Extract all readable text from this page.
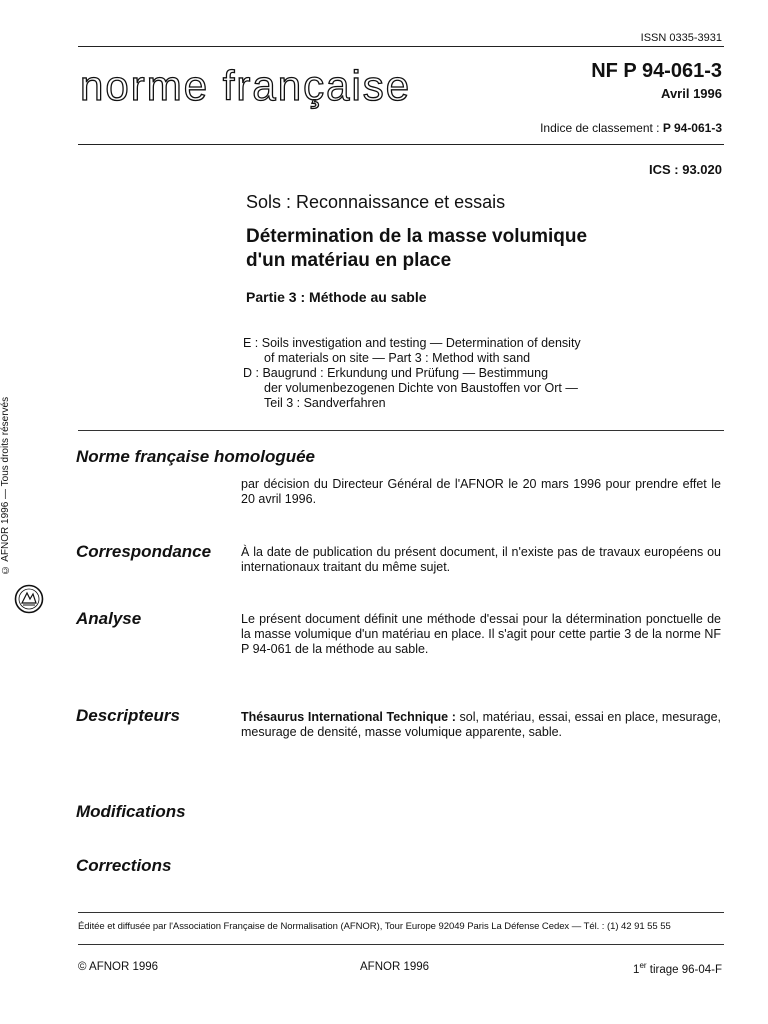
ISSN 0335-3931
norme française	NF P 94-061-3
Avril 1996
Indice de classement : P 94-061-3
ICS : 93.020
Sols : Reconnaissance et essais
Détermination de la masse volumique
d'un matériau en place
Partie 3 : Méthode au sable
E : Soils investigation and testing — Determination of density
of materials on site — Part 3 : Method with sand
D : Baugrund : Erkundung und Prüfung — Bestimmung
der volumenbezogenen Dichte von Baustoffen vor Ort —
Teil 3 : Sandverfahren
Norme française homologuée
par décision du Directeur Général de l'AFNOR le 20 mars 1996 pour prendre effet le 20 avril 1996.
Correspondance À la date de publication du présent document, il n'existe pas de travaux européens ou internationaux traitant du même sujet.
Analyse	Le présent document définit une méthode d'essai pour la détermination ponctuelle de la masse volumique d'un matériau en place. Il s'agit pour cette partie 3 de la norme NF P 94-061 de la méthode au sable.
Descripteurs	Thésaurus International Technique : sol, matériau, essai, essai en place, mesurage, mesurage de densité, masse volumique apparente, sable.
Modifications
Corrections
© AFNOR 1996 — Tous droits réservés
Éditée et diffusée par l'Association Française de Normalisation (AFNOR), Tour Europe 92049 Paris La Défense Cedex — Tél. : (1) 42 91 55 55
© AFNOR 1996	AFNOR 1996	1er tirage 96-04-F
